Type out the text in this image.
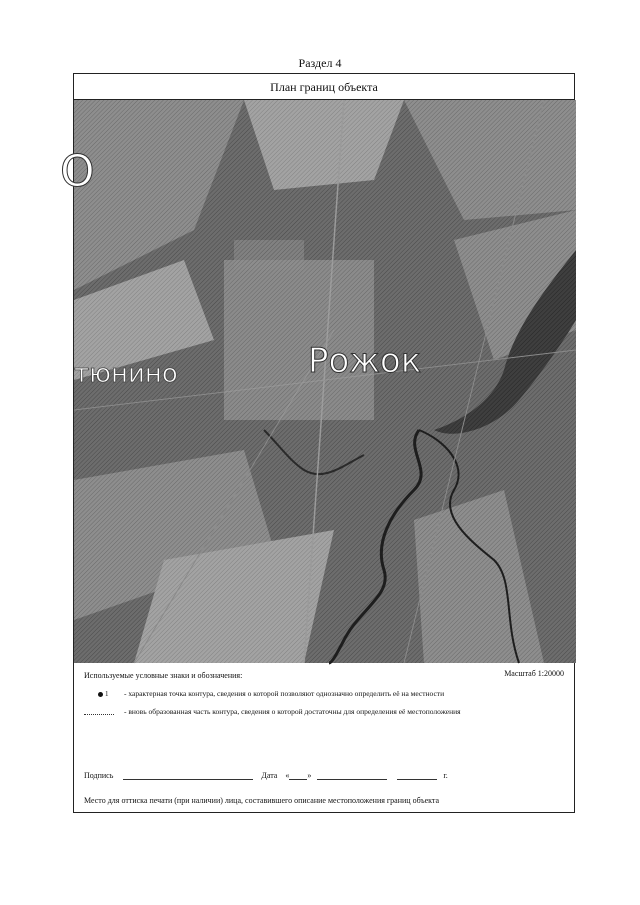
Раздел 4
План границ объекта
О
тюнино	Рожок
Используемые условные знаки и обозначения:	Масштаб 1:20000
1	- характерная точка контура, сведения о которой позволяют однозначно определить её на местности
- вновь образованная часть контура, сведения о которой достаточны для определения её местоположения
Подпись	Дата « »	г.
Место для оттиска печати (при наличии) лица, составившего описание местоположения границ объекта
